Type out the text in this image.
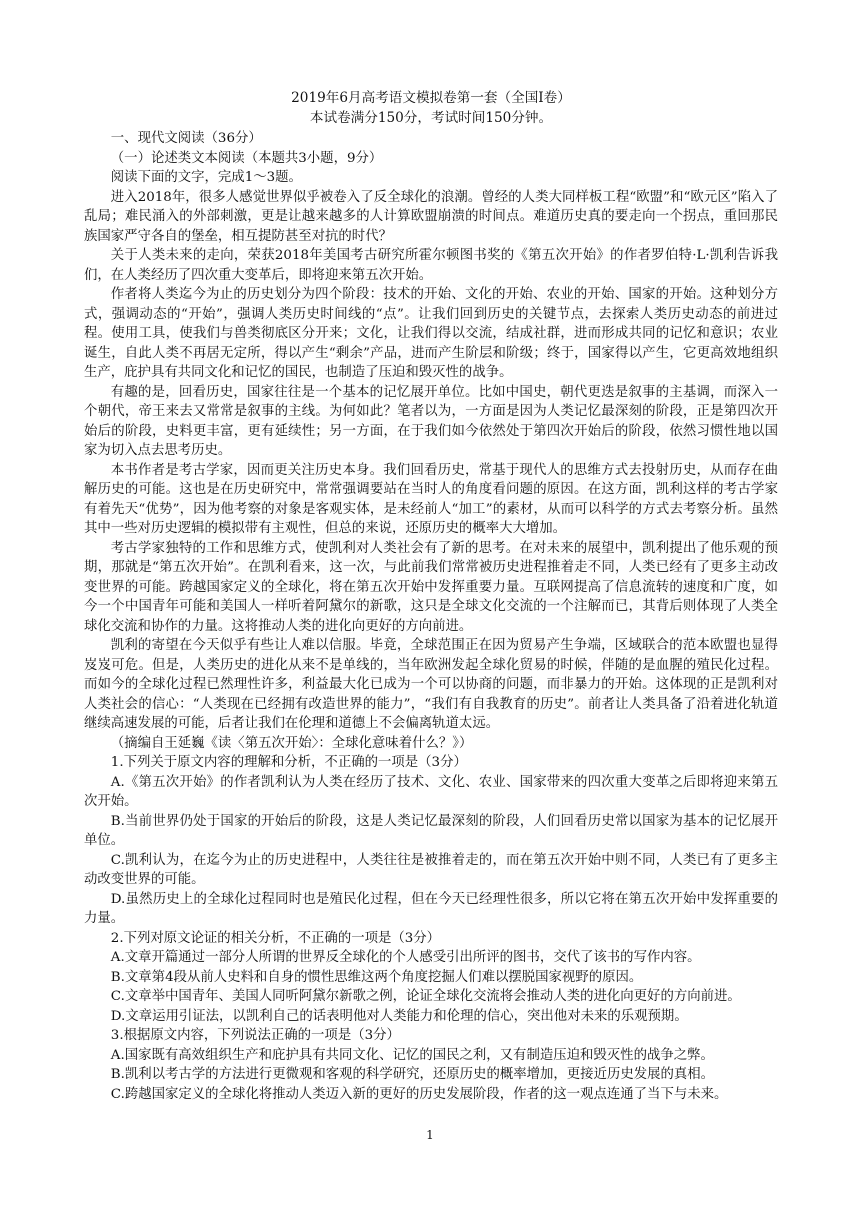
2019年6月高考语文模拟卷第一套（全国Ⅰ卷）

本试卷满分150分，考试时间150分钟。

一、现代文阅读（36分）

（一）论述类文本阅读（本题共3小题，9分）

阅读下面的文字，完成1～3题。

进入2018年，很多人感觉世界似乎被卷入了反全球化的浪潮。曾经的人类大同样板工程“欧盟”和“欧元区”陷入了乱局；难民涌入的外部刺激，更是让越来越多的人计算欧盟崩溃的时间点。难道历史真的要走向一个拐点，重回那民族国家严守各自的堡垒，相互提防甚至对抗的时代？

关于人类未来的走向，荣获2018年美国考古研究所霍尔顿图书奖的《第五次开始》的作者罗伯特·L·凯利告诉我们，在人类经历了四次重大变革后，即将迎来第五次开始。

作者将人类迄今为止的历史划分为四个阶段：技术的开始、文化的开始、农业的开始、国家的开始。这种划分方式，强调动态的“开始”，强调人类历史时间线的“点”。让我们回到历史的关键节点，去探索人类历史动态的前进过程。使用工具，使我们与兽类彻底区分开来；文化，让我们得以交流，结成社群，进而形成共同的记忆和意识；农业诞生，自此人类不再居无定所，得以产生“剩余”产品，进而产生阶层和阶级；终于，国家得以产生，它更高效地组织生产，庇护具有共同文化和记忆的国民，也制造了压迫和毁灭性的战争。

有趣的是，回看历史，国家往往是一个基本的记忆展开单位。比如中国史，朝代更迭是叙事的主基调，而深入一个朝代，帝王来去又常常是叙事的主线。为何如此？笔者以为，一方面是因为人类记忆最深刻的阶段，正是第四次开始后的阶段，史料更丰富，更有延续性；另一方面，在于我们如今依然处于第四次开始后的阶段，依然习惯性地以国家为切入点去思考历史。

本书作者是考古学家，因而更关注历史本身。我们回看历史，常基于现代人的思维方式去投射历史，从而存在曲解历史的可能。这也是在历史研究中，常常强调要站在当时人的角度看问题的原因。在这方面，凯利这样的考古学家有着先天“优势”，因为他考察的对象是客观实体，是未经前人“加工”的素材，从而可以科学的方式去考察分析。虽然其中一些对历史逻辑的模拟带有主观性，但总的来说，还原历史的概率大大增加。

考古学家独特的工作和思维方式，使凯利对人类社会有了新的思考。在对未来的展望中，凯利提出了他乐观的预期，那就是“第五次开始”。在凯利看来，这一次，与此前我们常常被历史进程推着走不同，人类已经有了更多主动改变世界的可能。跨越国家定义的全球化，将在第五次开始中发挥重要力量。互联网提高了信息流转的速度和广度，如今一个中国青年可能和美国人一样听着阿黛尔的新歌，这只是全球文化交流的一个注解而已，其背后则体现了人类全球化交流和协作的力量。这将推动人类的进化向更好的方向前进。

凯利的寄望在今天似乎有些让人难以信服。毕竟，全球范围正在因为贸易产生争端，区域联合的范本欧盟也显得岌岌可危。但是，人类历史的进化从来不是单线的，当年欧洲发起全球化贸易的时候，伴随的是血腥的殖民化过程。而如今的全球化过程已然理性许多，利益最大化已成为一个可以协商的问题，而非暴力的开始。这体现的正是凯利对人类社会的信心：“人类现在已经拥有改造世界的能力”，“我们有自我教育的历史”。前者让人类具备了沿着进化轨道继续高速发展的可能，后者让我们在伦理和道德上不会偏离轨道太远。

（摘编自王延巍《读〈第五次开始〉：全球化意味着什么？》）

1.下列关于原文内容的理解和分析，不正确的一项是（3分）

A.《第五次开始》的作者凯利认为人类在经历了技术、文化、农业、国家带来的四次重大变革之后即将迎来第五次开始。

B.当前世界仍处于国家的开始后的阶段，这是人类记忆最深刻的阶段，人们回看历史常以国家为基本的记忆展开单位。

C.凯利认为，在迄今为止的历史进程中，人类往往是被推着走的，而在第五次开始中则不同，人类已有了更多主动改变世界的可能。

D.虽然历史上的全球化过程同时也是殖民化过程，但在今天已经理性很多，所以它将在第五次开始中发挥重要的力量。

2.下列对原文论证的相关分析，不正确的一项是（3分）

A.文章开篇通过一部分人所谓的世界反全球化的个人感受引出所评的图书，交代了该书的写作内容。

B.文章第4段从前人史料和自身的惯性思维这两个角度挖掘人们难以摆脱国家视野的原因。

C.文章举中国青年、美国人同听阿黛尔新歌之例，论证全球化交流将会推动人类的进化向更好的方向前进。

D.文章运用引证法，以凯利自己的话表明他对人类能力和伦理的信心，突出他对未来的乐观预期。

3.根据原文内容，下列说法正确的一项是（3分）

A.国家既有高效组织生产和庇护具有共同文化、记忆的国民之利，又有制造压迫和毁灭性的战争之弊。

B.凯利以考古学的方法进行更微观和客观的科学研究，还原历史的概率增加，更接近历史发展的真相。

C.跨越国家定义的全球化将推动人类迈入新的更好的历史发展阶段，作者的这一观点连通了当下与未来。

1
